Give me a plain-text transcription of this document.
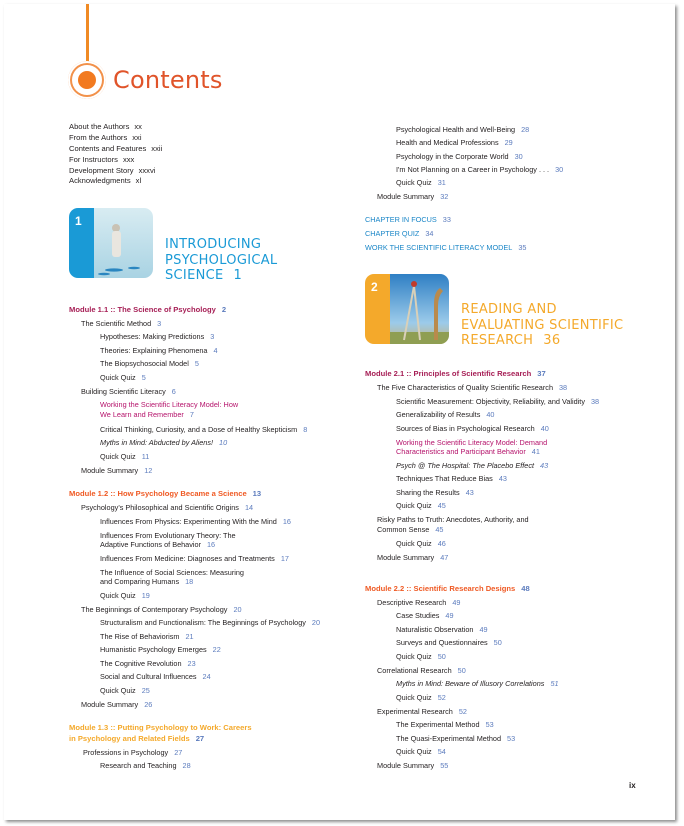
Contents
About the Authors xx
From the Authors xxi
Contents and Features xxii
For Instructors xxx
Development Story xxxvi
Acknowledgments xl
1
INTRODUCING
PSYCHOLOGICAL
SCIENCE 1
2
READING AND
EVALUATING SCIENTIFIC
RESEARCH 36
Module 1.1 :: The Science of Psychology 2
The Scientific Method 3
Hypotheses: Making Predictions 3
Theories: Explaining Phenomena 4
The Biopsychosocial Model 5
Quick Quiz 5
Building Scientific Literacy 6
Working the Scientific Literacy Model: How
We Learn and Remember 7
Critical Thinking, Curiosity, and a Dose of Healthy Skepticism 8
Myths in Mind: Abducted by Aliens! 10
Quick Quiz 11
Module Summary 12
Module 1.2 :: How Psychology Became a Science 13
Psychology's Philosophical and Scientific Origins 14
Influences From Physics: Experimenting With the Mind 16
Influences From Evolutionary Theory: The
Adaptive Functions of Behavior 16
Influences From Medicine: Diagnoses and Treatments 17
The Influence of Social Sciences: Measuring
and Comparing Humans 18
Quick Quiz 19
The Beginnings of Contemporary Psychology 20
Structuralism and Functionalism: The Beginnings of Psychology 20
The Rise of Behaviorism 21
Humanistic Psychology Emerges 22
The Cognitive Revolution 23
Social and Cultural Influences 24
Quick Quiz 25
Module Summary 26
Module 1.3 :: Putting Psychology to Work: Careers
in Psychology and Related Fields 27
Professions in Psychology 27
Research and Teaching 28
Psychological Health and Well-Being 28
Health and Medical Professions 29
Psychology in the Corporate World 30
I'm Not Planning on a Career in Psychology . . . 30
Quick Quiz 31
Module Summary 32
CHAPTER IN FOCUS 33
CHAPTER QUIZ 34
WORK THE SCIENTIFIC LITERACY MODEL 35
Module 2.1 :: Principles of Scientific Research 37
The Five Characteristics of Quality Scientific Research 38
Scientific Measurement: Objectivity, Reliability, and Validity 38
Generalizability of Results 40
Sources of Bias in Psychological Research 40
Working the Scientific Literacy Model: Demand
Characteristics and Participant Behavior 41
Psych @ The Hospital: The Placebo Effect 43
Techniques That Reduce Bias 43
Sharing the Results 43
Quick Quiz 45
Risky Paths to Truth: Anecdotes, Authority, and
Common Sense 45
Quick Quiz 46
Module Summary 47
Module 2.2 :: Scientific Research Designs 48
Descriptive Research 49
Case Studies 49
Naturalistic Observation 49
Surveys and Questionnaires 50
Quick Quiz 50
Correlational Research 50
Myths in Mind: Beware of Illusory Correlations 51
Quick Quiz 52
Experimental Research 52
The Experimental Method 53
The Quasi-Experimental Method 53
Quick Quiz 54
Module Summary 55
ix
